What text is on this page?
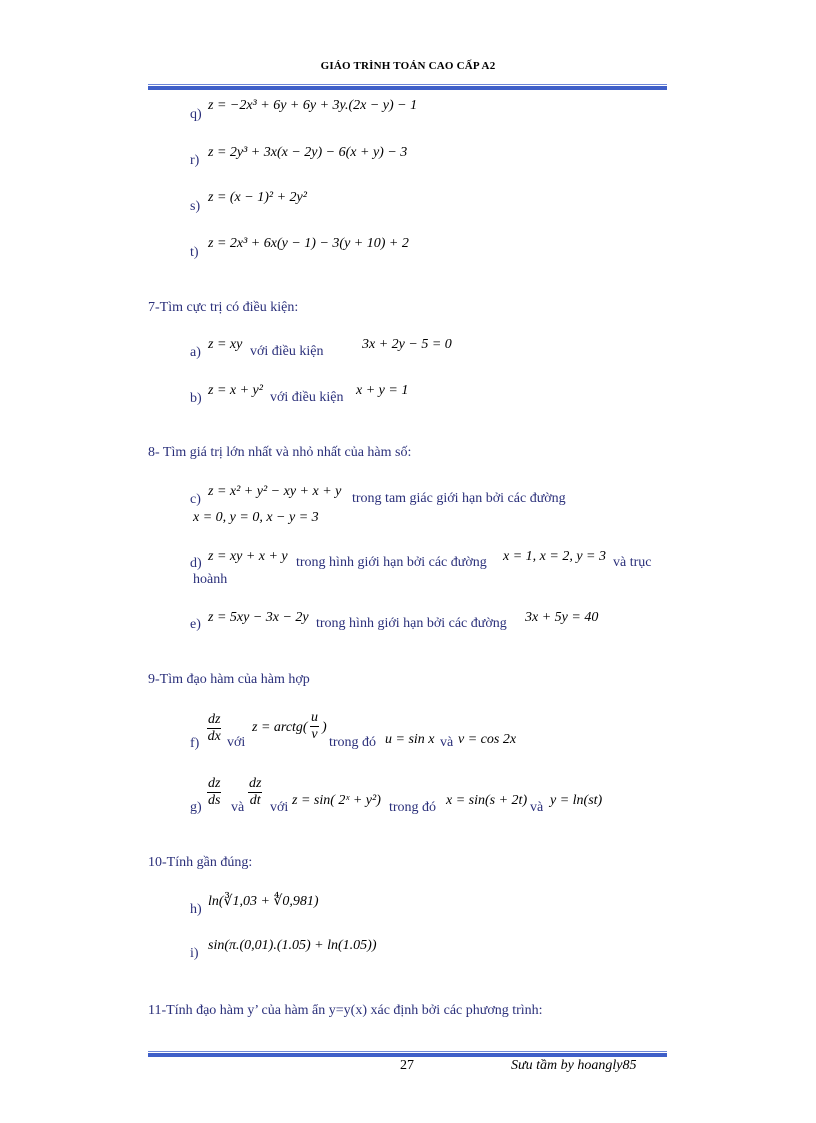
GIÁO TRÌNH TOÁN CAO CẤP A2
q)
z = −2x³ + 6y + 6y + 3y.(2x − y) − 1
r)
z = 2y³ + 3x(x − 2y) − 6(x + y) − 3
s)
z = (x − 1)² + 2y²
t)
z = 2x³ + 6x(y − 1) − 3(y + 10) + 2
7-Tìm cực trị có điều kiện:
a)
z = xy với điều kiện	3x + 2y − 5 = 0
b)
z = x + y² với điều kiện x + y = 1
8- Tìm giá trị lớn nhất và nhỏ nhất của hàm số:
c)
z = x² + y² − xy + x + y trong tam giác giới hạn bởi các đường
x = 0, y = 0, x − y = 3
d) z = xy + x + y trong hình giới hạn bởi các đường x = 1, x = 2, y = 3 và trục
hoành
e) z = 5xy − 3x − 2y trong hình giới hạn bởi các đường 3x + 5y = 40
9-Tìm đạo hàm của hàm hợp
$f) \frac{dz}{dx}$ với
z = arctg( $\frac{u}{v}$ )
trong đó u = sin x và v = cos 2x
$g) \frac{dz}{ds}$ và $\frac{dz}{dt}$ với z = sin( 2ˣ + y²) trong đó x = sin(s + 2t) và y = ln(st)
10-Tính gần đúng:
h)
ln(∛1,03 + ∜0,981)
i)
sin(π.(0,01).(1.05) + ln(1.05))
11-Tính đạo hàm y’ của hàm ẩn y=y(x) xác định bởi các phương trình:
27	Sưu tầm by hoangly85
